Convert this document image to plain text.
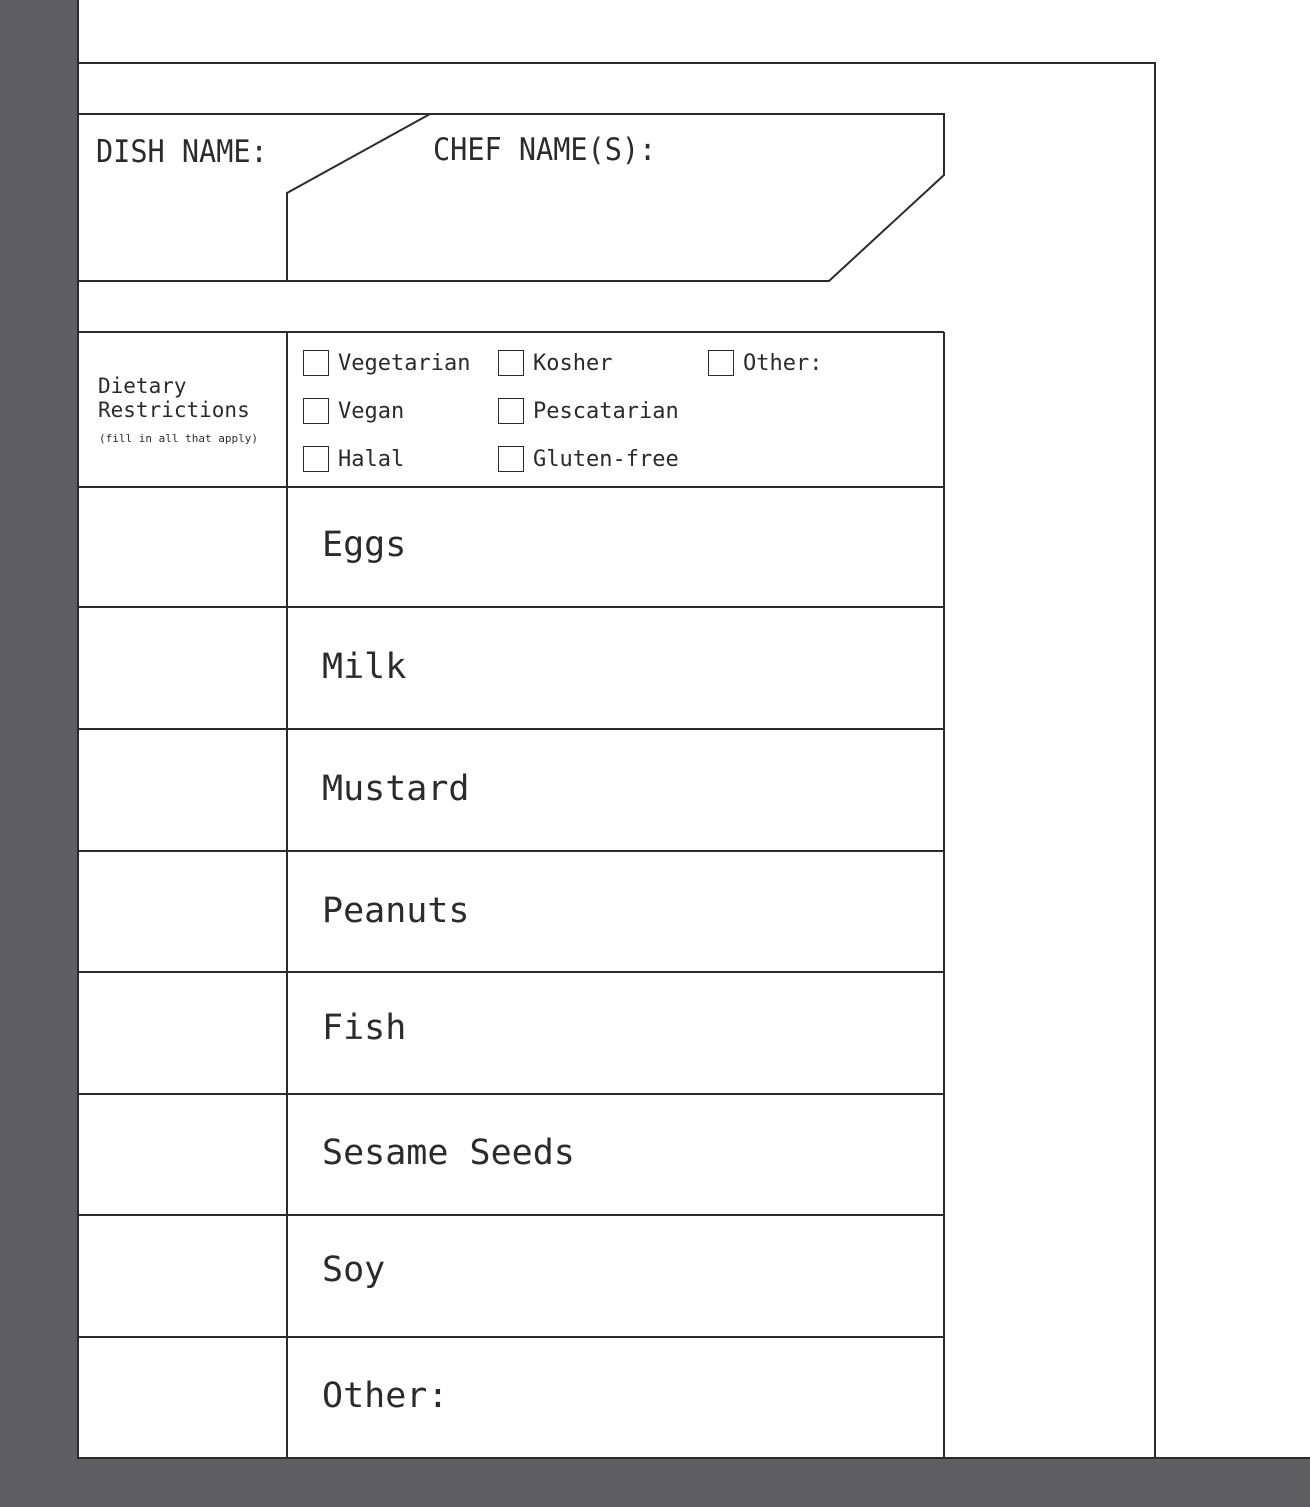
DISH NAME:	CHEF NAME(S):
Dietary
Restrictions
(fill in all that apply)
Vegetarian	Kosher	Other:
Vegan	Pescatarian
Halal	Gluten-free
Eggs
Milk
Mustard
Peanuts
Fish
Sesame Seeds
Soy
Other:
